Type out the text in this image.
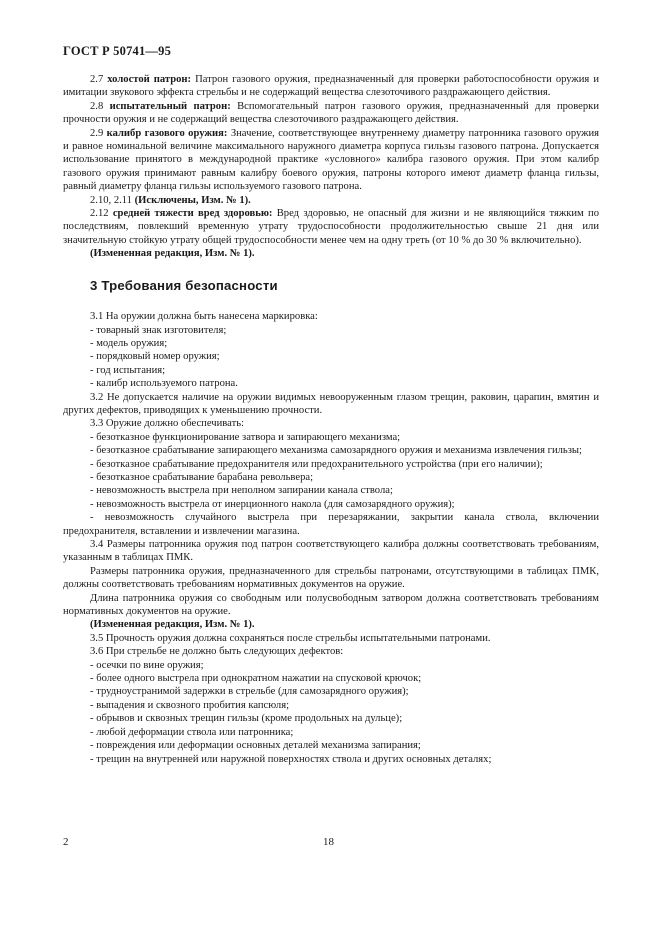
ГОСТ Р 50741—95

2.7 холостой патрон: Патрон газового оружия, предназначенный для проверки работоспособности оружия и имитации звукового эффекта стрельбы и не содержащий вещества слезоточивого раздражающего действия.

2.8 испытательный патрон: Вспомогательный патрон газового оружия, предназначенный для проверки прочности оружия и не содержащий вещества слезоточивого раздражающего действия.

2.9 калибр газового оружия: Значение, соответствующее внутреннему диаметру патронника газового оружия и равное номинальной величине максимального наружного диаметра корпуса гильзы газового патрона. Допускается использование принятого в международной практике «условного» калибра газового оружия. При этом калибр газового оружия принимают равным калибру боевого оружия, патроны которого имеют диаметр фланца гильзы, равный диаметру фланца гильзы используемого газового патрона.

2.10, 2.11 (Исключены, Изм. № 1).

2.12 средней тяжести вред здоровью: Вред здоровью, не опасный для жизни и не являющийся тяжким по последствиям, повлекший временную утрату трудоспособности продолжительностью свыше 21 дня или значительную стойкую утрату общей трудоспособности менее чем на одну треть (от 10 % до 30 % включительно).

(Измененная редакция, Изм. № 1).

3 Требования безопасности

3.1 На оружии должна быть нанесена маркировка:

- товарный знак изготовителя;

- модель оружия;

- порядковый номер оружия;

- год испытания;

- калибр используемого патрона.

3.2 Не допускается наличие на оружии видимых невооруженным глазом трещин, раковин, царапин, вмятин и других дефектов, приводящих к уменьшению прочности.

3.3 Оружие должно обеспечивать:

- безотказное функционирование затвора и запирающего механизма;

- безотказное срабатывание запирающего механизма самозарядного оружия и механизма извлечения гильзы;

- безотказное срабатывание предохранителя или предохранительного устройства (при его наличии);

- безотказное срабатывание барабана револьвера;

- невозможность выстрела при неполном запирании канала ствола;

- невозможность выстрела от инерционного накола (для самозарядного оружия);

- невозможность случайного выстрела при перезаряжании, закрытии канала ствола, включении предохранителя, вставлении и извлечении магазина.

3.4 Размеры патронника оружия под патрон соответствующего калибра должны соответствовать требованиям, указанным в таблицах ПМК.

Размеры патронника оружия, предназначенного для стрельбы патронами, отсутствующими в таблицах ПМК, должны соответствовать требованиям нормативных документов на оружие.

Длина патронника оружия со свободным или полусвободным затвором должна соответствовать требованиям нормативных документов на оружие.

(Измененная редакция, Изм. № 1).

3.5 Прочность оружия должна сохраняться после стрельбы испытательными патронами.

3.6 При стрельбе не должно быть следующих дефектов:

- осечки по вине оружия;

- более одного выстрела при однократном нажатии на спусковой крючок;

- трудноустранимой задержки в стрельбе (для самозарядного оружия);

- выпадения и сквозного пробития капсюля;

- обрывов и сквозных трещин гильзы (кроме продольных на дульце);

- любой деформации ствола или патронника;

- повреждения или деформации основных деталей механизма запирания;

- трещин на внутренней или наружной поверхностях ствола и других основных деталях;

2	18
